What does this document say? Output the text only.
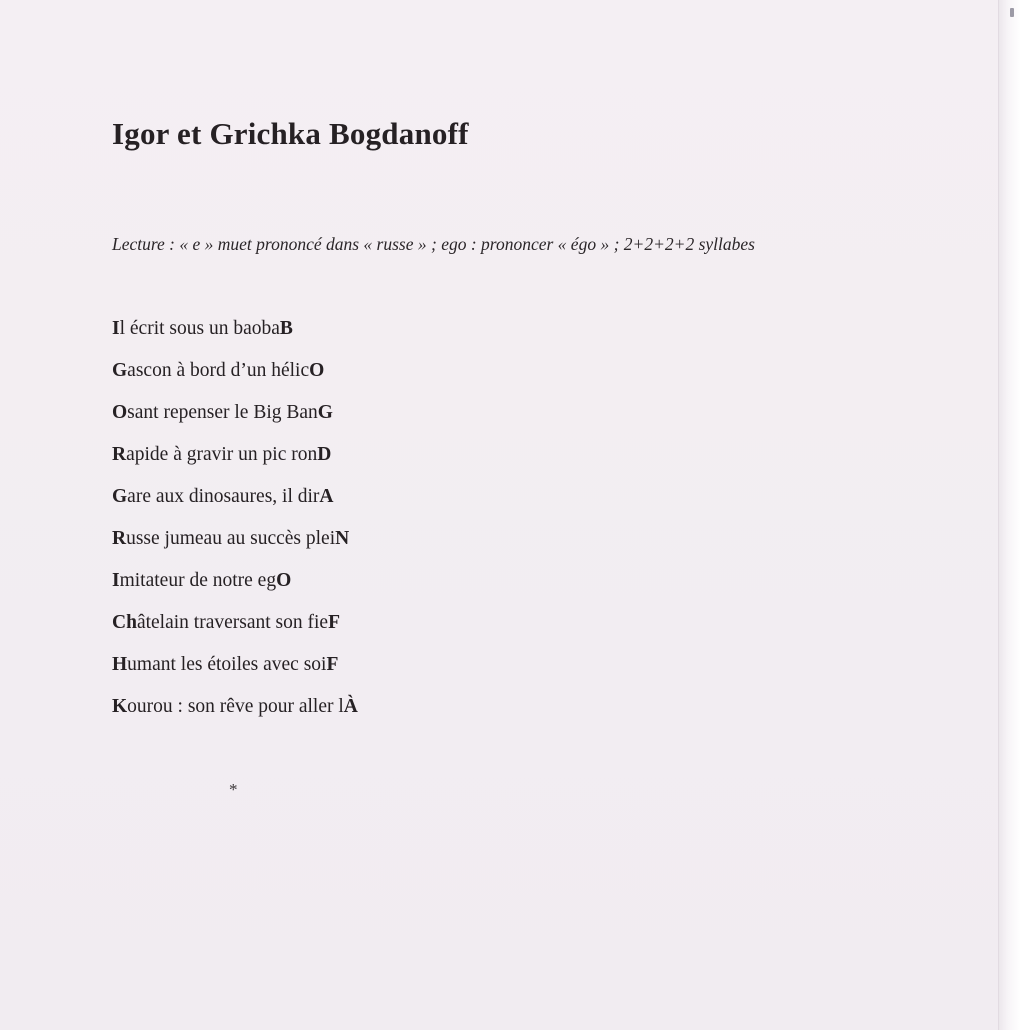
Igor et Grichka Bogdanoff

Lecture : « e » muet prononcé dans « russe » ; ego : prononcer « égo » ; 2+2+2+2 syllabes

Il écrit sous un baobaB
Gascon à bord d’un hélicO
Osant repenser le Big BanG
Rapide à gravir un pic ronD
Gare aux dinosaures, il dirA
Russe jumeau au succès pleiN
Imitateur de notre egO
Châtelain traversant son fieF
Humant les étoiles avec soiF
Kourou : son rêve pour aller lÀ
*
